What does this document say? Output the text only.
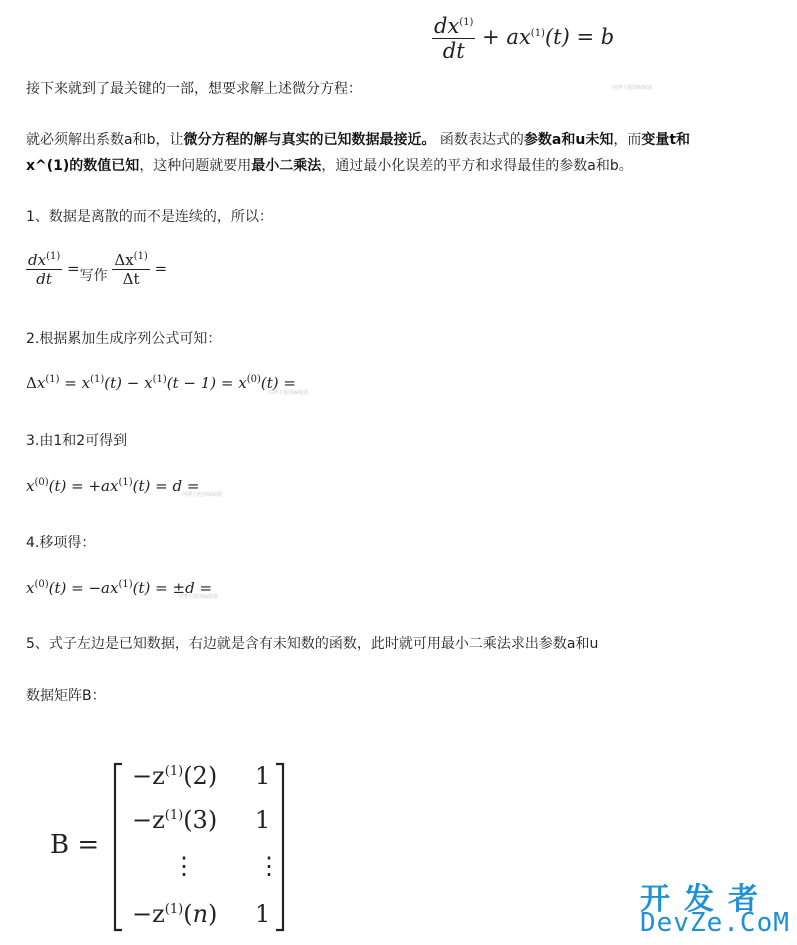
$\frac{dx^{(1)}}{dt} + ax^{(1)}(t) = b$
创博主题图编辑器
接下来就到了最关键的一部，想要求解上述微分方程：
就必须解出系数a和b，让微分方程的解与真实的已知数据最接近。 函数表达式的参数a和u未知，而变量t和
x^(1)的数值已知，这种问题就要用最小二乘法，通过最小化误差的平方和求得最佳的参数a和b。
1、数据是离散的而不是连续的，所以：
$\frac{dx^{(1)}}{dt}$ =写作 $\frac{\Delta x^{(1)}}{\Delta t}$ =
2.根据累加生成序列公式可知：
$\Delta x^{(1)} = x^{(1)}(t) - x^{(1)}(t - 1) = x^{(0)}(t)$ =
创博主题图编辑器
3.由1和2可得到
$x^{(0)}(t) = +ax^{(1)}(t) = d$ =
创博主题图编辑器
4.移项得：
$x^{(0)}(t) = -ax^{(1)}(t) = \pm d$ =
创博主题图编辑器
5、式子左边是已知数据，右边就是含有未知数的函数，此时就可用最小二乘法求出参数a和u
数据矩阵B：
B =
$-z^{(1)}(2)$ 1
$-z^{(1)}(3)$ 1
⋮	⋮
$-z^{(1)}(n)$ 1	开发者
DevZe.CoM
